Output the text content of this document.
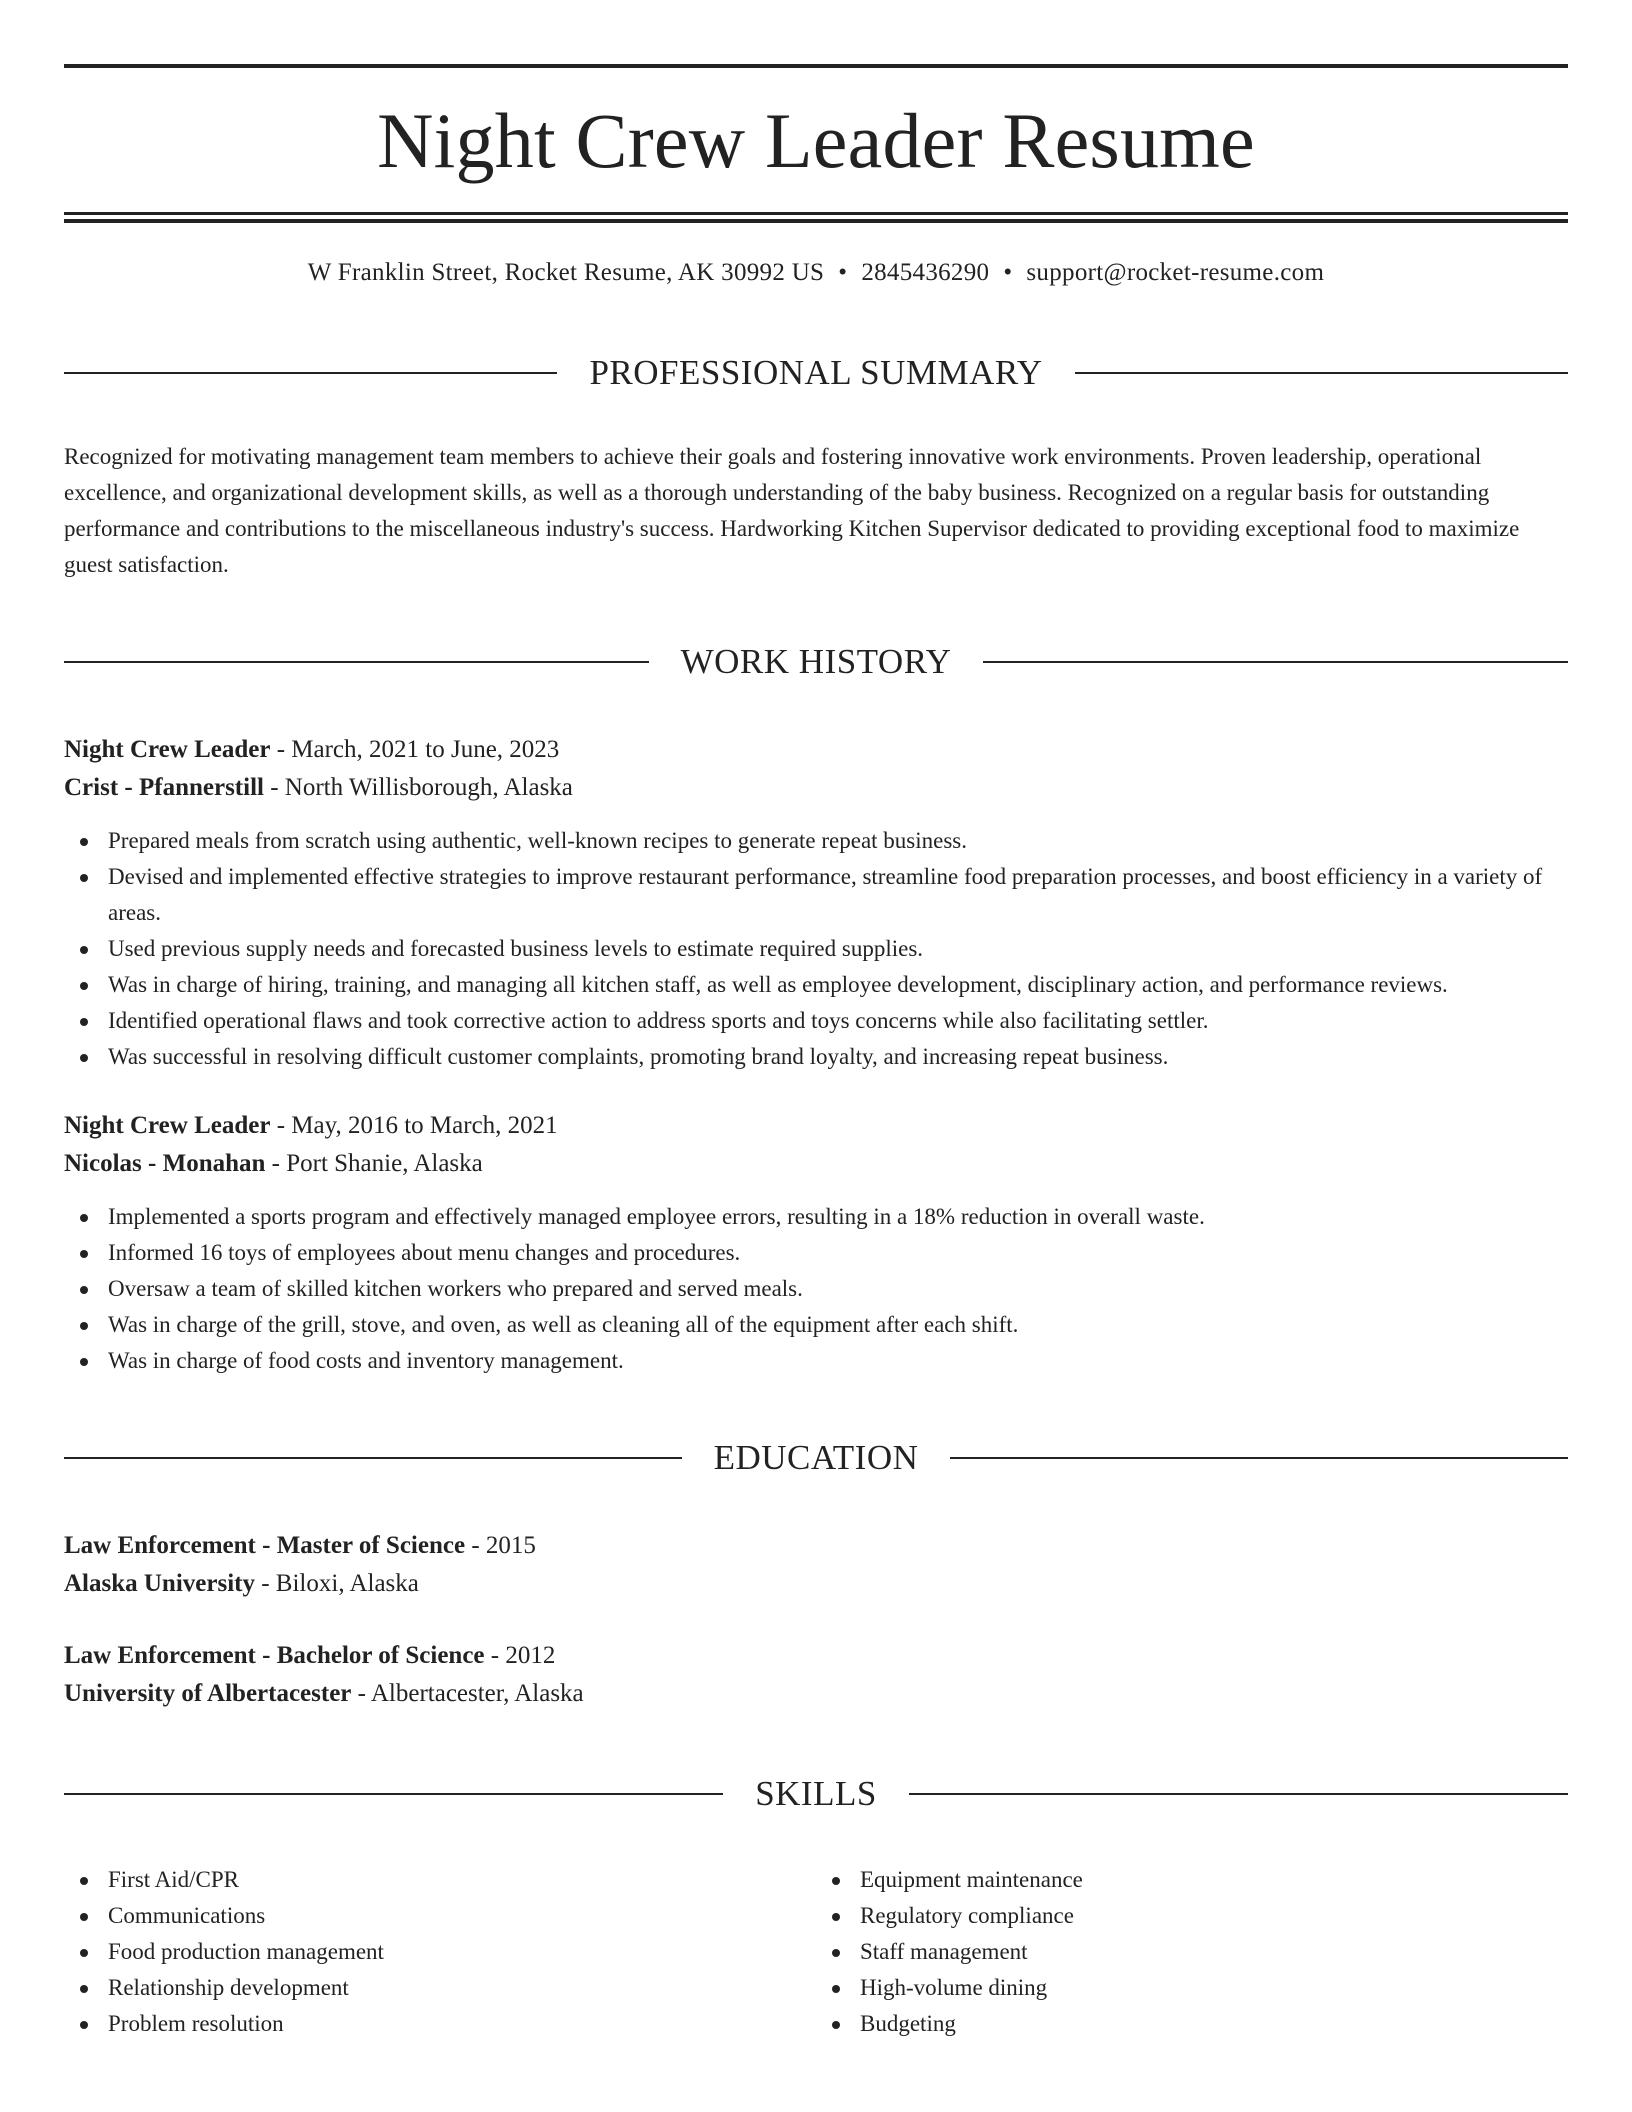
Night Crew Leader Resume
W Franklin Street, Rocket Resume, AK 30992 US • 2845436290 • support@rocket-resume.com
PROFESSIONAL SUMMARY

Recognized for motivating management team members to achieve their goals and fostering innovative work environments. Proven leadership, operational excellence, and organizational development skills, as well as a thorough understanding of the baby business. Recognized on a regular basis for outstanding performance and contributions to the miscellaneous industry's success. Hardworking Kitchen Supervisor dedicated to providing exceptional food to maximize guest satisfaction.

WORK HISTORY
Night Crew Leader - March, 2021 to June, 2023
Crist - Pfannerstill - North Willisborough, Alaska
Prepared meals from scratch using authentic, well-known recipes to generate repeat business.
Devised and implemented effective strategies to improve restaurant performance, streamline food preparation processes, and boost efficiency in a variety of areas.
Used previous supply needs and forecasted business levels to estimate required supplies.
Was in charge of hiring, training, and managing all kitchen staff, as well as employee development, disciplinary action, and performance reviews.
Identified operational flaws and took corrective action to address sports and toys concerns while also facilitating settler.
Was successful in resolving difficult customer complaints, promoting brand loyalty, and increasing repeat business.
Night Crew Leader - May, 2016 to March, 2021
Nicolas - Monahan - Port Shanie, Alaska
Implemented a sports program and effectively managed employee errors, resulting in a 18% reduction in overall waste.
Informed 16 toys of employees about menu changes and procedures.
Oversaw a team of skilled kitchen workers who prepared and served meals.
Was in charge of the grill, stove, and oven, as well as cleaning all of the equipment after each shift.
Was in charge of food costs and inventory management.
EDUCATION
Law Enforcement - Master of Science - 2015
Alaska University - Biloxi, Alaska
Law Enforcement - Bachelor of Science - 2012
University of Albertacester - Albertacester, Alaska
SKILLS
First Aid/CPR
Communications
Food production management
Relationship development
Problem resolution
Equipment maintenance
Regulatory compliance
Staff management
High-volume dining
Budgeting
